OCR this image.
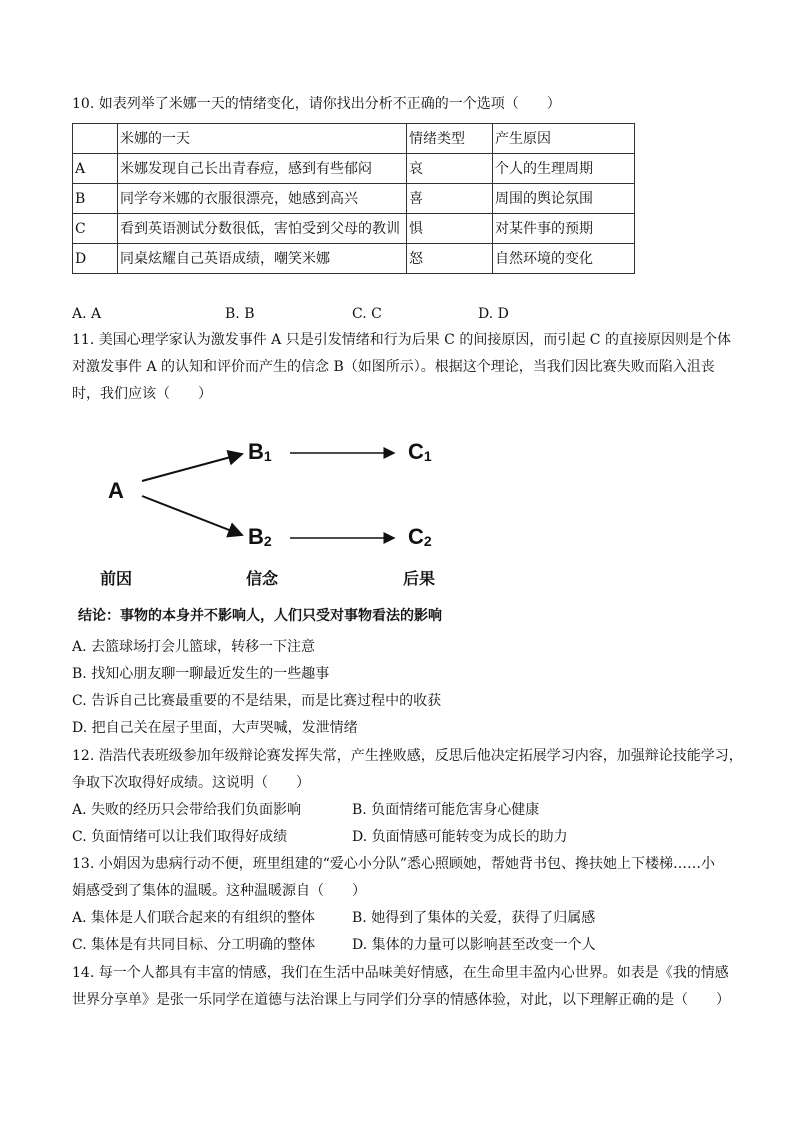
10. 如表列举了米娜一天的情绪变化，请你找出分析不正确的一个选项（　　）
	米娜的一天	情绪类型	产生原因
A	米娜发现自己长出青春痘，感到有些郁闷	哀	个人的生理周期
B	同学夸米娜的衣服很漂亮，她感到高兴	喜	周围的舆论氛围
C	看到英语测试分数很低，害怕受到父母的教训	惧	对某件事的预期
D	同桌炫耀自己英语成绩，嘲笑米娜	怒	自然环境的变化
A. A	B. B	C. C	D. D
11. 美国心理学家认为激发事件 A 只是引发情绪和行为后果 C 的间接原因，而引起 C 的直接原因则是个体
对激发事件 A 的认知和评价而产生的信念 B（如图所示）。根据这个理论，当我们因比赛失败而陷入沮丧
时，我们应该（　　）
A
B1
B2
C1
C2
前因	信念	后果
结论：事物的本身并不影响人，人们只受对事物看法的影响
A. 去篮球场打会儿篮球，转移一下注意
B. 找知心朋友聊一聊最近发生的一些趣事
C. 告诉自己比赛最重要的不是结果，而是比赛过程中的收获
D. 把自己关在屋子里面，大声哭喊，发泄情绪
12. 浩浩代表班级参加年级辩论赛发挥失常，产生挫败感，反思后他决定拓展学习内容，加强辩论技能学习，
争取下次取得好成绩。这说明（　　）
A. 失败的经历只会带给我们负面影响	B. 负面情绪可能危害身心健康
C. 负面情绪可以让我们取得好成绩	D. 负面情感可能转变为成长的助力
13. 小娟因为患病行动不便，班里组建的“爱心小分队”悉心照顾她，帮她背书包、搀扶她上下楼梯……小
娟感受到了集体的温暖。这种温暖源自（　　）
A. 集体是人们联合起来的有组织的整体	B. 她得到了集体的关爱，获得了归属感
C. 集体是有共同目标、分工明确的整体	D. 集体的力量可以影响甚至改变一个人
14. 每一个人都具有丰富的情感，我们在生活中品味美好情感，在生命里丰盈内心世界。如表是《我的情感
世界分享单》是张一乐同学在道德与法治课上与同学们分享的情感体验，对此，以下理解正确的是（　　）
